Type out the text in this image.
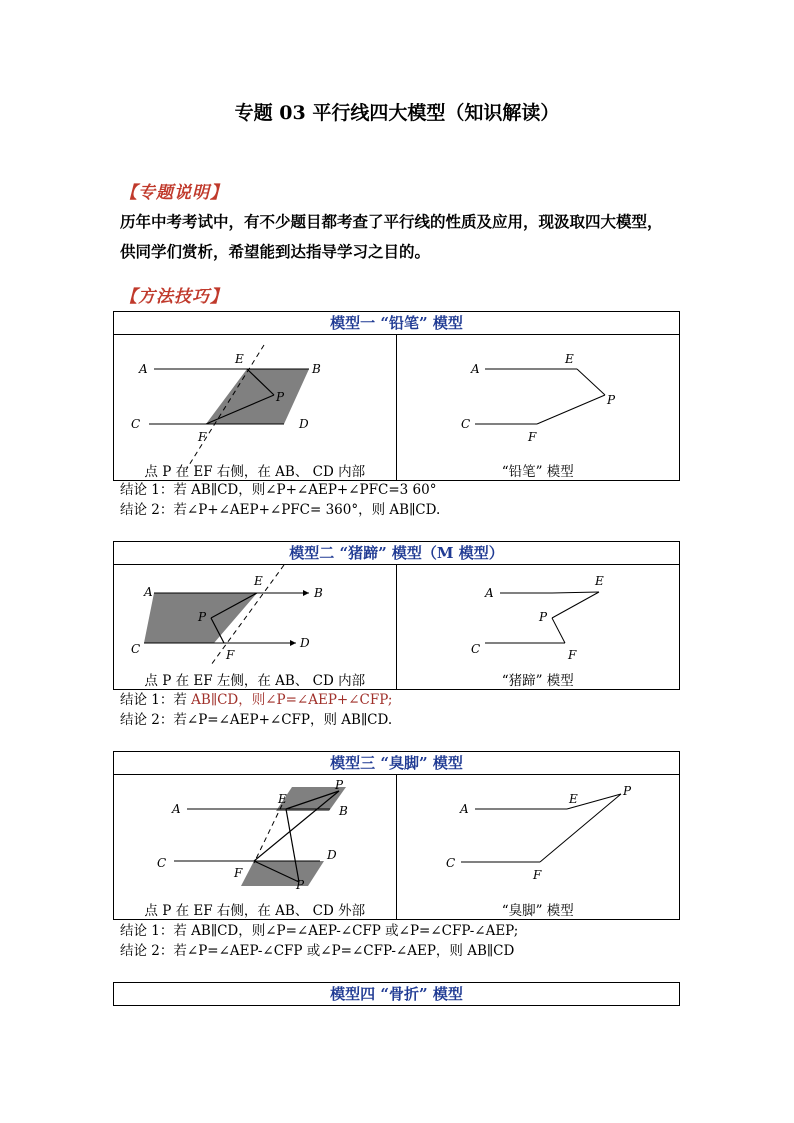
专题 03 平行线四大模型（知识解读）
【专题说明】
历年中考考试中，有不少题目都考查了平行线的性质及应用，现汲取四大模型，
供同学们赏析，希望能到达指导学习之目的。
【方法技巧】
模型一 “铅笔” 模型
A	B
C	D
E
F
P
点 P 在 EF 右侧，在 AB、 CD 内部
A
E
P
C
F
“铅笔” 模型
结论 1：若 AB∥CD，则∠P+∠AEP+∠PFC=3 60°
结论 2：若∠P+∠AEP+∠PFC= 360°，则 AB∥CD.
模型二 “猪蹄” 模型（M 模型）
A	B
C	D
E
F
P
点 P 在 EF 左侧，在 AB、 CD 内部
A
E
P
C	F
“猪蹄” 模型
结论 1：若 AB∥CD，则∠P=∠AEP+∠CFP;
结论 2：若∠P=∠AEP+∠CFP，则 AB∥CD.
模型三 “臭脚” 模型
A	B
C
D
E
F
P
P
点 P 在 EF 右侧，在 AB、 CD 外部
A
E
P
C
F
“臭脚” 模型
结论 1：若 AB∥CD，则∠P=∠AEP-∠CFP 或∠P=∠CFP-∠AEP;
结论 2：若∠P=∠AEP-∠CFP 或∠P=∠CFP-∠AEP，则 AB∥CD
模型四 “骨折” 模型
